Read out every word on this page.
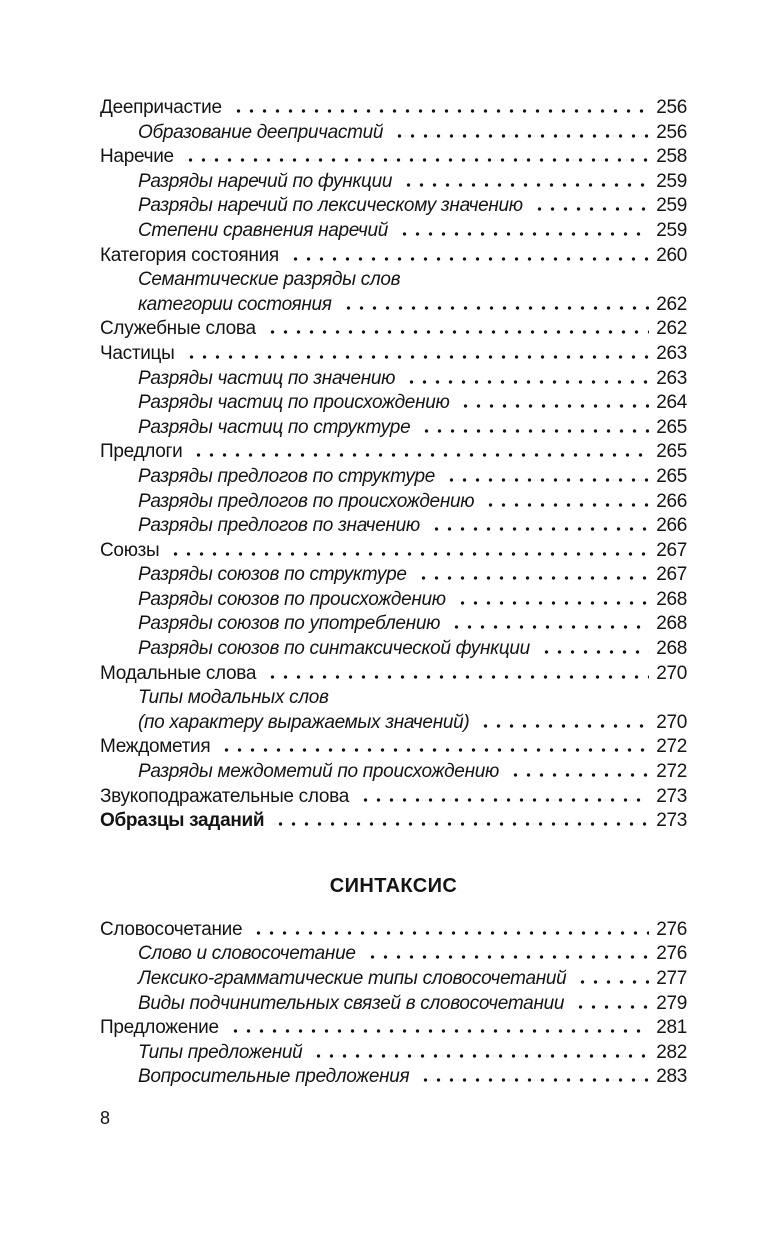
Деепричастие	256
Образование деепричастий	256
Наречие	258
Разряды наречий по функции	259
Разряды наречий по лексическому значению	259
Степени сравнения наречий	259
Категория состояния	260
Семантические разряды слов
категории состояния	262
Служебные слова	262
Частицы	263
Разряды частиц по значению	263
Разряды частиц по происхождению	264
Разряды частиц по структуре	265
Предлоги	265
Разряды предлогов по структуре	265
Разряды предлогов по происхождению	266
Разряды предлогов по значению	266
Союзы	267
Разряды союзов по структуре	267
Разряды союзов по происхождению	268
Разряды союзов по употреблению	268
Разряды союзов по синтаксической функции	268
Модальные слова	270
Типы модальных слов
(по характеру выражаемых значений)	270
Междометия	272
Разряды междометий по происхождению	272
Звукоподражательные слова	273
Образцы заданий	273
СИНТАКСИС
Словосочетание	276
Слово и словосочетание	276
Лексико-грамматические типы словосочетаний	277
Виды подчинительных связей в словосочетании	279
Предложение	281
Типы предложений	282
Вопросительные предложения	283
8
